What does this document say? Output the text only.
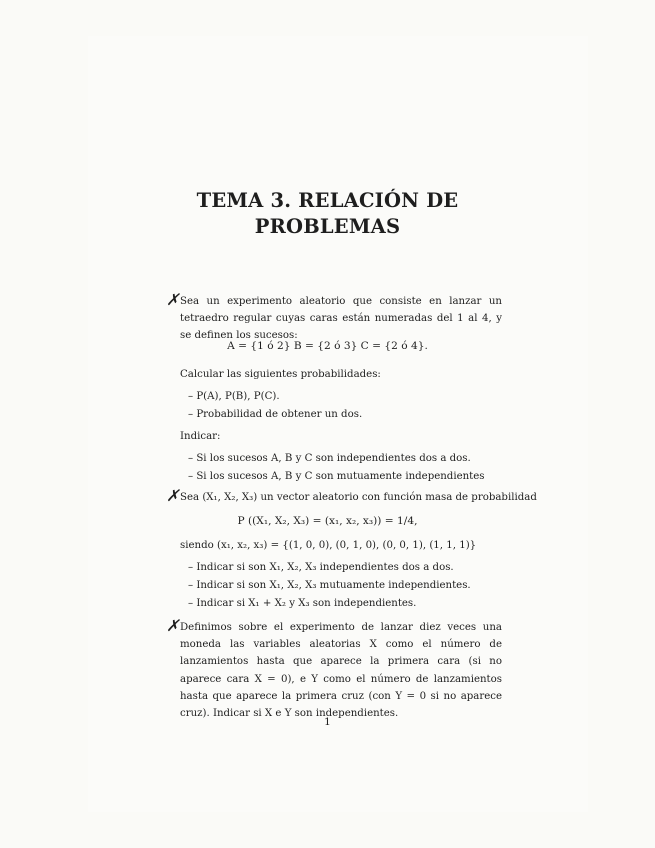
TEMA 3. RELACIÓN DE
PROBLEMAS
✗ Sea un experimento aleatorio que consiste en lanzar un tetraedro regular cuyas caras están numeradas del 1 al 4, y se definen los sucesos:
A = {1 ó 2} B = {2 ó 3} C = {2 ó 4}.
Calcular las siguientes probabilidades:
– P(A), P(B), P(C).
– Probabilidad de obtener un dos.
Indicar:
– Si los sucesos A, B y C son independientes dos a dos.
– Si los sucesos A, B y C son mutuamente independientes
✗ Sea (X₁, X₂, X₃) un vector aleatorio con función masa de probabilidad
P ((X₁, X₂, X₃) = (x₁, x₂, x₃)) = 1/4,
siendo (x₁, x₂, x₃) = {(1, 0, 0), (0, 1, 0), (0, 0, 1), (1, 1, 1)}
– Indicar si son X₁, X₂, X₃ independientes dos a dos.
– Indicar si son X₁, X₂, X₃ mutuamente independientes.
– Indicar si X₁ + X₂ y X₃ son independientes.
✗ Definimos sobre el experimento de lanzar diez veces una moneda las variables aleatorias X como el número de lanzamientos hasta que aparece la primera cara (si no aparece cara X = 0), e Y como el número de lanzamientos hasta que aparece la primera cruz (con Y = 0 si no aparece cruz). Indicar si X e Y son independientes.
1
